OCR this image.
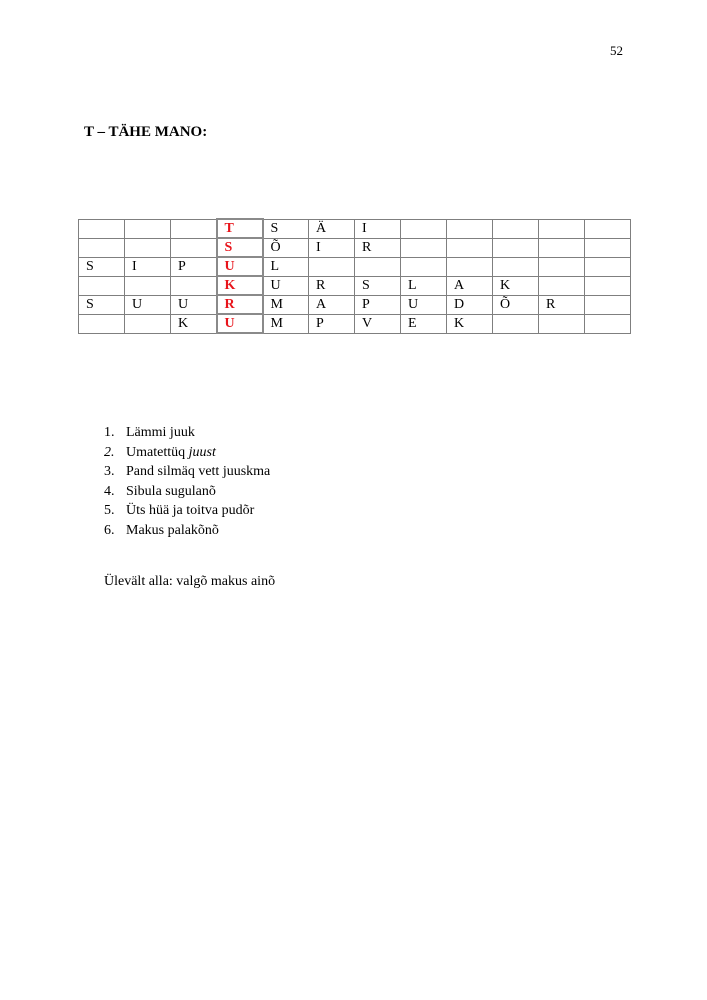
52
T – TÄHE MANO:
			T	S	Ä	I					
			S	Õ	I	R					
S	I	P	U	L							
			K	U	R	S	L	A	K		
S	U	U	R	M	A	P	U	D	Õ	R	
		K	U	M	P	V	E	K			
1. Lämmi juuk
2. Umatettüq juust
3. Pand silmäq vett juuskma
4. Sibula sugulanõ
5. Üts hüä ja toitva pudõr
6. Makus palakõnõ

Ülevält alla: valgõ makus ainõ
